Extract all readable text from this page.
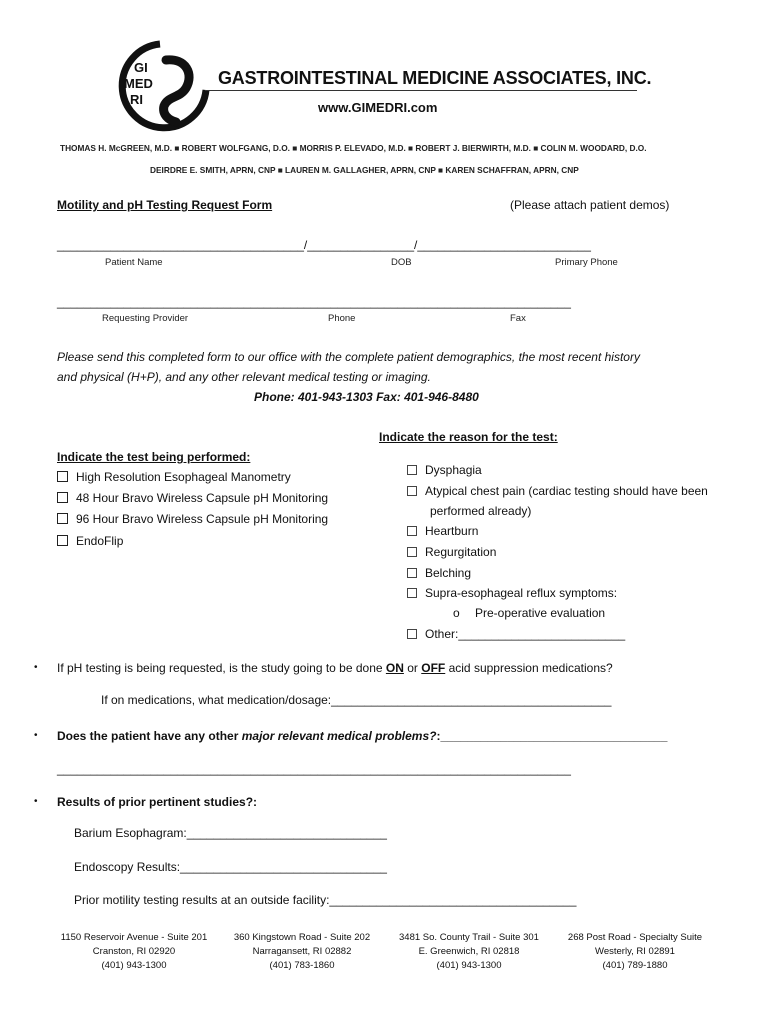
GI
MED
RI
GASTROINTESTINAL MEDICINE ASSOCIATES, INC.
www.GIMEDRI.com
THOMAS H. McGREEN, M.D. ■ ROBERT WOLFGANG, D.O. ■ MORRIS P. ELEVADO, M.D. ■ ROBERT J. BIERWIRTH, M.D. ■ COLIN M. WOODARD, D.O.
DEIRDRE E. SMITH, APRN, CNP ■ LAUREN M. GALLAGHER, APRN, CNP ■ KAREN SCHAFFRAN, APRN, CNP
Motility and pH Testing Request Form	(Please attach patient demos)
_____________________________________/________________/__________________________
Patient Name	DOB	Primary Phone
_____________________________________________________________________________
Requesting Provider	Phone	Fax
Please send this completed form to our office with the complete patient demographics, the most recent history
and physical (H+P), and any other relevant medical testing or imaging.
Phone: 401-943-1303 Fax: 401-946-8480
Indicate the reason for the test:
Dysphagia
Atypical chest pain (cardiac testing should have been
performed already)
Heartburn
Regurgitation
Belching
Supra-esophageal reflux symptoms:
o Pre-operative evaluation
Other:_________________________
Indicate the test being performed:
High Resolution Esophageal Manometry
48 Hour Bravo Wireless Capsule pH Monitoring
96 Hour Bravo Wireless Capsule pH Monitoring
EndoFlip
• If pH testing is being requested, is the study going to be done ON or OFF acid suppression medications?
If on medications, what medication/dosage:__________________________________________
• Does the patient have any other major relevant medical problems?:__________________________________
_____________________________________________________________________________
• Results of prior pertinent studies?:
Barium Esophagram:______________________________
Endoscopy Results:_______________________________
Prior motility testing results at an outside facility:_____________________________________
1150 Reservoir Avenue - Suite 201
Cranston, RI 02920
(401) 943-1300
360 Kingstown Road - Suite 202
Narragansett, RI 02882
(401) 783-1860
3481 So. County Trail - Suite 301
E. Greenwich, RI 02818
(401) 943-1300
268 Post Road - Specialty Suite
Westerly, RI 02891
(401) 789-1880
